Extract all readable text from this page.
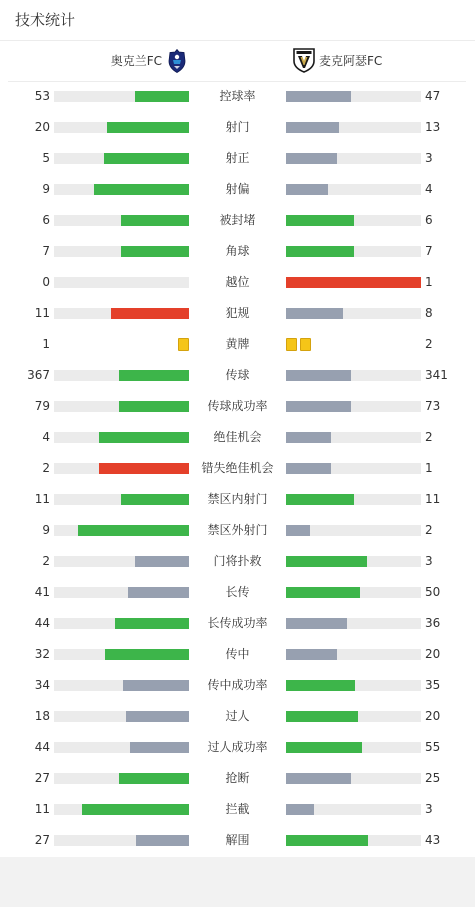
技术统计
奥克兰FC	麦克阿瑟FC
53	控球率	47
20	射门	13
5	射正	3
9	射偏	4
6	被封堵	6
7	角球	7
0	越位	1
11	犯规	8
1	黄牌	2
367	传球	341
79	传球成功率	73
4	绝佳机会	2
2	错失绝佳机会	1
11	禁区内射门	11
9	禁区外射门	2
2	门将扑救	3
41	长传	50
44	长传成功率	36
32	传中	20
34	传中成功率	35
18	过人	20
44	过人成功率	55
27	抢断	25
11	拦截	3
27	解围	43
